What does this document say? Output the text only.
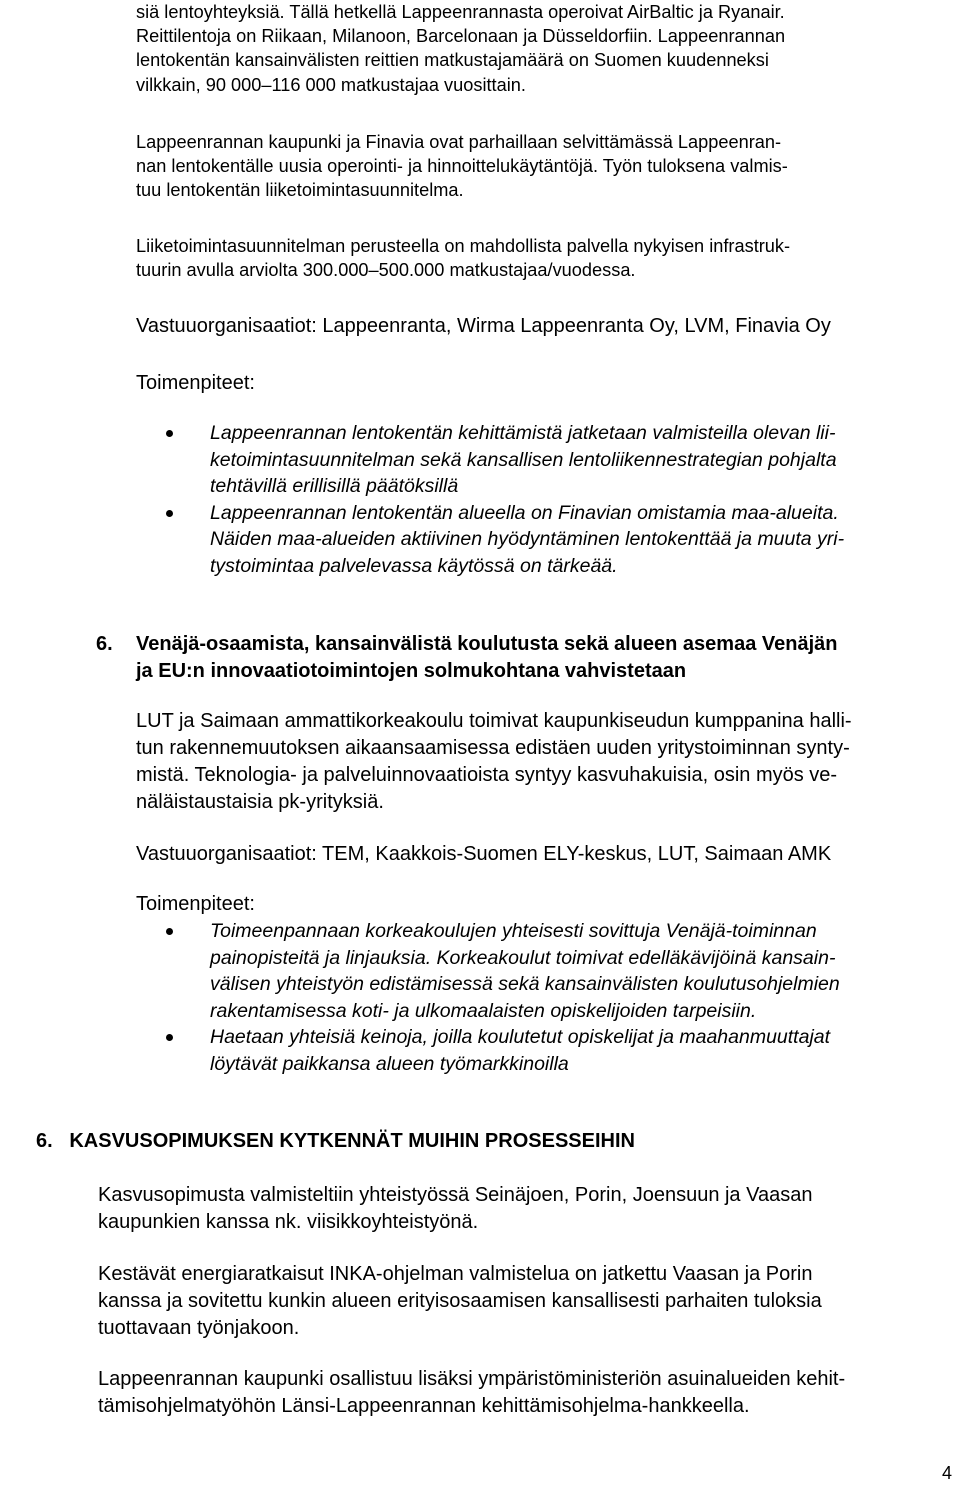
siä lentoyhteyksiä. Tällä hetkellä Lappeenrannasta operoivat AirBaltic ja Ryanair.
Reittilentoja on Riikaan, Milanoon, Barcelonaan ja Düsseldorfiin. Lappeenrannan
lentokentän kansainvälisten reittien matkustajamäärä on Suomen kuudenneksi
vilkkain, 90 000–116 000 matkustajaa vuosittain.

Lappeenrannan kaupunki ja Finavia ovat parhaillaan selvittämässä Lappeenran-
nan lentokentälle uusia operointi- ja hinnoittelukäytäntöjä. Työn tuloksena valmis-
tuu lentokentän liiketoimintasuunnitelma.

Liiketoimintasuunnitelman perusteella on mahdollista palvella nykyisen infrastruk-
tuurin avulla arviolta 300.000–500.000 matkustajaa/vuodessa.

Vastuuorganisaatiot: Lappeenranta, Wirma Lappeenranta Oy, LVM, Finavia Oy

Toimenpiteet:

Lappeenrannan lentokentän kehittämistä jatketaan valmisteilla olevan lii-
ketoimintasuunnitelman sekä kansallisen lentoliikennestrategian pohjalta
tehtävillä erillisillä päätöksillä
Lappeenrannan lentokentän alueella on Finavian omistamia maa-alueita.
Näiden maa-alueiden aktiivinen hyödyntäminen lentokenttää ja muuta yri-
tystoimintaa palvelevassa käytössä on tärkeää.
6. Venäjä-osaamista, kansainvälistä koulutusta sekä alueen asemaa Venäjän
ja EU:n innovaatiotoimintojen solmukohtana vahvistetaan

LUT ja Saimaan ammattikorkeakoulu toimivat kaupunkiseudun kumppanina halli-
tun rakennemuutoksen aikaansaamisessa edistäen uuden yritystoiminnan synty-
mistä. Teknologia- ja palveluinnovaatioista syntyy kasvuhakuisia, osin myös ve-
näläistaustaisia pk-yrityksiä.

Vastuuorganisaatiot: TEM, Kaakkois-Suomen ELY-keskus, LUT, Saimaan AMK

Toimenpiteet:

Toimeenpannaan korkeakoulujen yhteisesti sovittuja Venäjä-toiminnan
painopisteitä ja linjauksia. Korkeakoulut toimivat edelläkävijöinä kansain-
välisen yhteistyön edistämisessä sekä kansainvälisten koulutusohjelmien
rakentamisessa koti- ja ulkomaalaisten opiskelijoiden tarpeisiin.
Haetaan yhteisiä keinoja, joilla koulutetut opiskelijat ja maahanmuuttajat
löytävät paikkansa alueen työmarkkinoilla
6. KASVUSOPIMUKSEN KYTKENNÄT MUIHIN PROSESSEIHIN

Kasvusopimusta valmisteltiin yhteistyössä Seinäjoen, Porin, Joensuun ja Vaasan
kaupunkien kanssa nk. viisikkoyhteistyönä.

Kestävät energiaratkaisut INKA-ohjelman valmistelua on jatkettu Vaasan ja Porin
kanssa ja sovitettu kunkin alueen erityisosaamisen kansallisesti parhaiten tuloksia
tuottavaan työnjakoon.

Lappeenrannan kaupunki osallistuu lisäksi ympäristöministeriön asuinalueiden kehit-
tämisohjelmatyöhön Länsi-Lappeenrannan kehittämisohjelma-hankkeella.

4
